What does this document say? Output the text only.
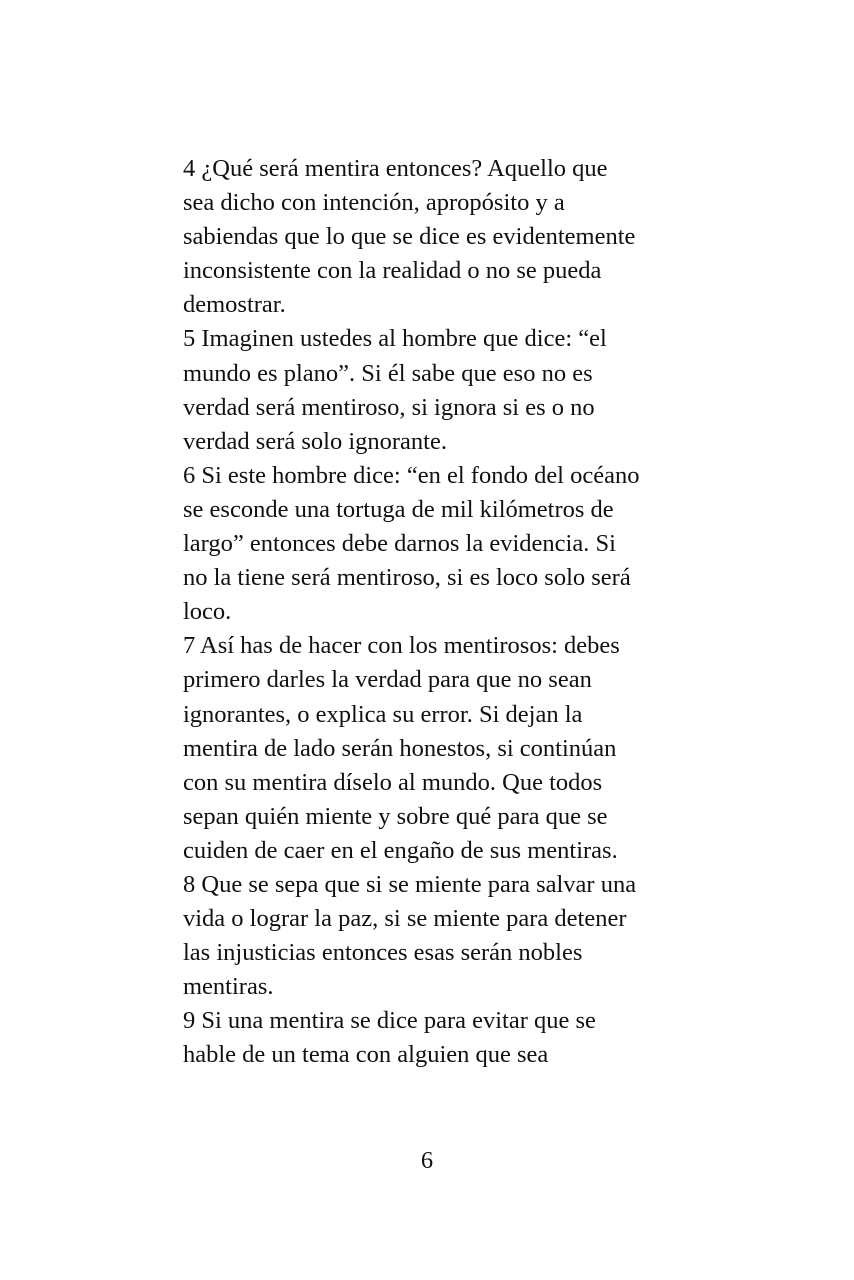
4 ¿Qué será mentira entonces? Aquello que
sea dicho con intención, apropósito y a
sabiendas que lo que se dice es evidentemente
inconsistente con la realidad o no se pueda
demostrar.
5 Imaginen ustedes al hombre que dice: “el
mundo es plano”. Si él sabe que eso no es
verdad será mentiroso, si ignora si es o no
verdad será solo ignorante.
6 Si este hombre dice: “en el fondo del océano
se esconde una tortuga de mil kilómetros de
largo” entonces debe darnos la evidencia. Si
no la tiene será mentiroso, si es loco solo será
loco.
7 Así has de hacer con los mentirosos: debes
primero darles la verdad para que no sean
ignorantes, o explica su error. Si dejan la
mentira de lado serán honestos, si continúan
con su mentira díselo al mundo. Que todos
sepan quién miente y sobre qué para que se
cuiden de caer en el engaño de sus mentiras.
8 Que se sepa que si se miente para salvar una
vida o lograr la paz, si se miente para detener
las injusticias entonces esas serán nobles
mentiras.
9 Si una mentira se dice para evitar que se
hable de un tema con alguien que sea
6
